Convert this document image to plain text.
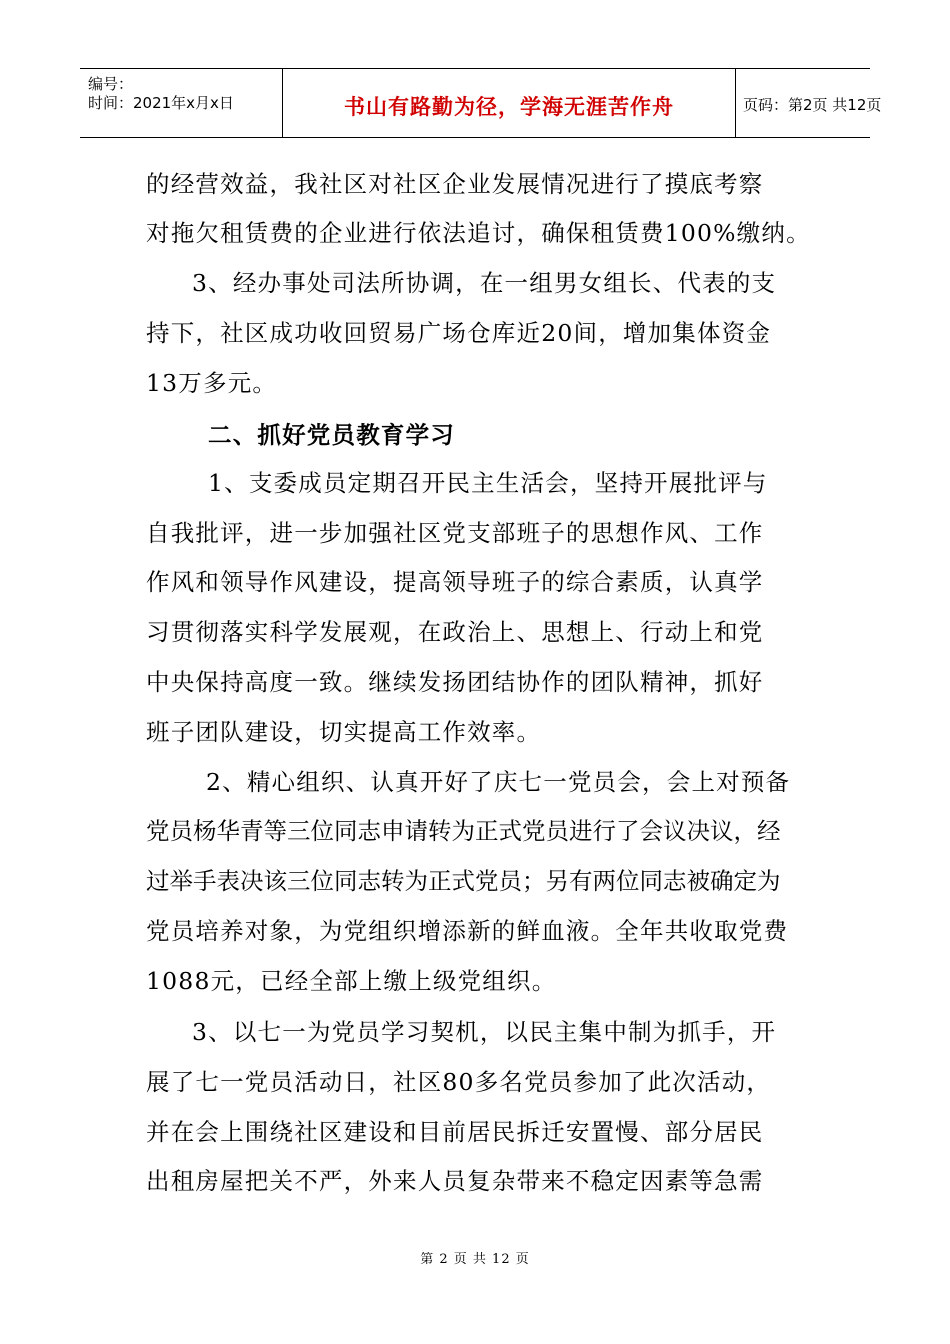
编号：
时间：2021年x月x日	书山有路勤为径，学海无涯苦作舟	页码：第2页 共12页
的经营效益，我社区对社区企业发展情况进行了摸底考察
对拖欠租赁费的企业进行依法追讨，确保租赁费100%缴纳。
3、经办事处司法所协调，在一组男女组长、代表的支
持下，社区成功收回贸易广场仓库近20间，增加集体资金
13万多元。
二、抓好党员教育学习
1、支委成员定期召开民主生活会，坚持开展批评与
自我批评，进一步加强社区党支部班子的思想作风、工作
作风和领导作风建设，提高领导班子的综合素质，认真学
习贯彻落实科学发展观，在政治上、思想上、行动上和党
中央保持高度一致。继续发扬团结协作的团队精神，抓好
班子团队建设，切实提高工作效率。
2、精心组织、认真开好了庆七一党员会，会上对预备
党员杨华青等三位同志申请转为正式党员进行了会议决议，经
过举手表决该三位同志转为正式党员；另有两位同志被确定为
党员培养对象，为党组织增添新的鲜血液。全年共收取党费
1088元，已经全部上缴上级党组织。
3、以七一为党员学习契机，以民主集中制为抓手，开
展了七一党员活动日，社区80多名党员参加了此次活动，
并在会上围绕社区建设和目前居民拆迁安置慢、部分居民
出租房屋把关不严，外来人员复杂带来不稳定因素等急需
第 2 页 共 12 页
